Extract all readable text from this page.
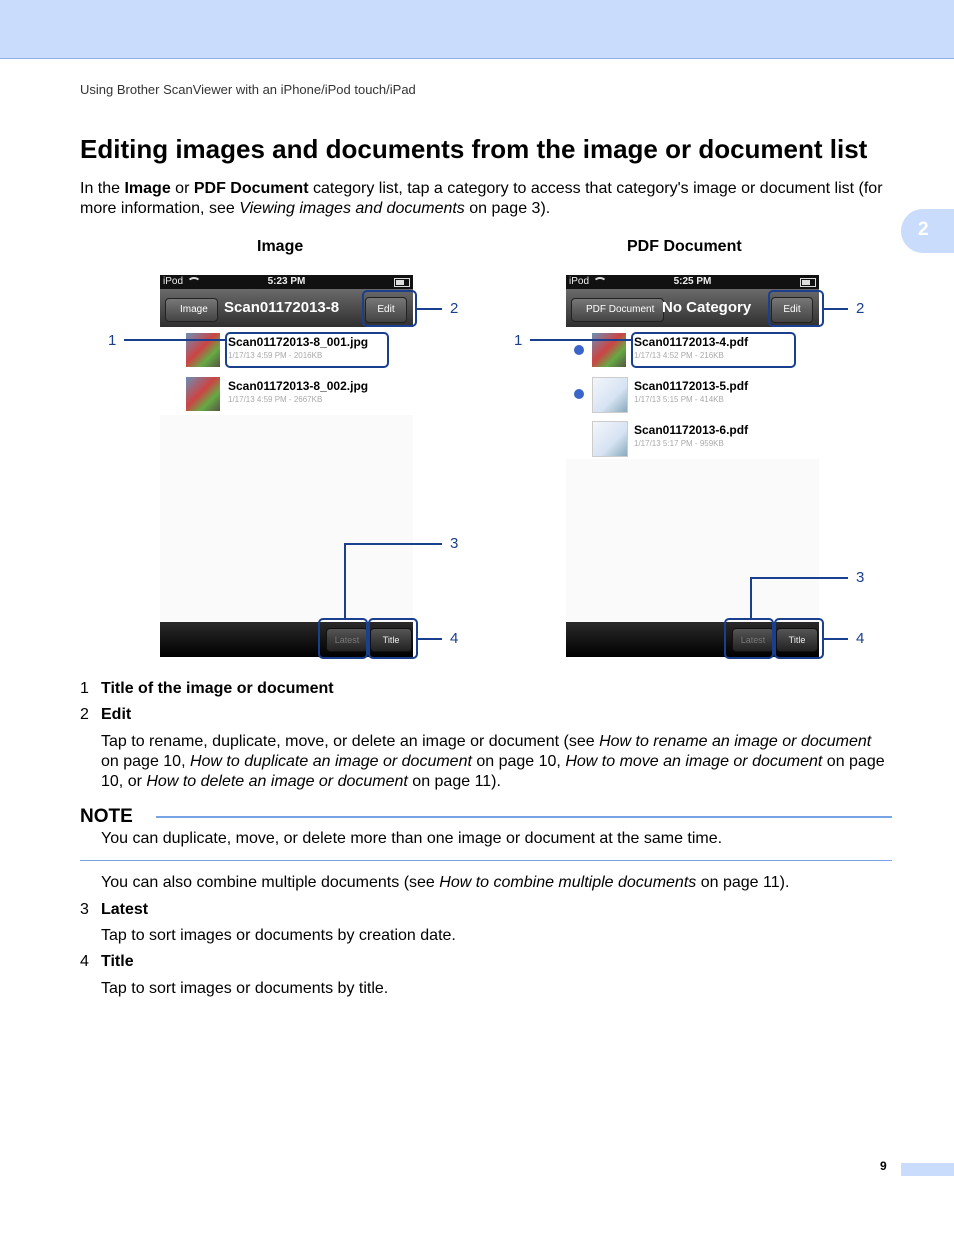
Using Brother ScanViewer with an iPhone/iPod touch/iPad
Editing images and documents from the image or document list
In the Image or PDF Document category list, tap a category to access that category's image or document list (for more information, see Viewing images and documents on page 3).
2
Image	PDF Document
iPod	5:23 PM
Image	Scan01172013-8	Edit
Scan01172013-8_001.jpg
1/17/13 4:59 PM - 2016KB
Scan01172013-8_002.jpg
1/17/13 4:59 PM - 2667KB
Latest	Title
1
2
3
4
iPod	5:25 PM
PDF Document No Category	Edit
Scan01172013-4.pdf
1/17/13 4:52 PM - 216KB
Scan01172013-5.pdf
1/17/13 5:15 PM - 414KB
Scan01172013-6.pdf
1/17/13 5:17 PM - 959KB
Latest	Title
1
2
3
4
1 Title of the image or document
2 Edit
Tap to rename, duplicate, move, or delete an image or document (see How to rename an image or document on page 10, How to duplicate an image or document on page 10, How to move an image or document on page 10, or How to delete an image or document on page 11).
NOTE
You can duplicate, move, or delete more than one image or document at the same time.
You can also combine multiple documents (see How to combine multiple documents on page 11).
3 Latest
Tap to sort images or documents by creation date.
4 Title
Tap to sort images or documents by title.
9
